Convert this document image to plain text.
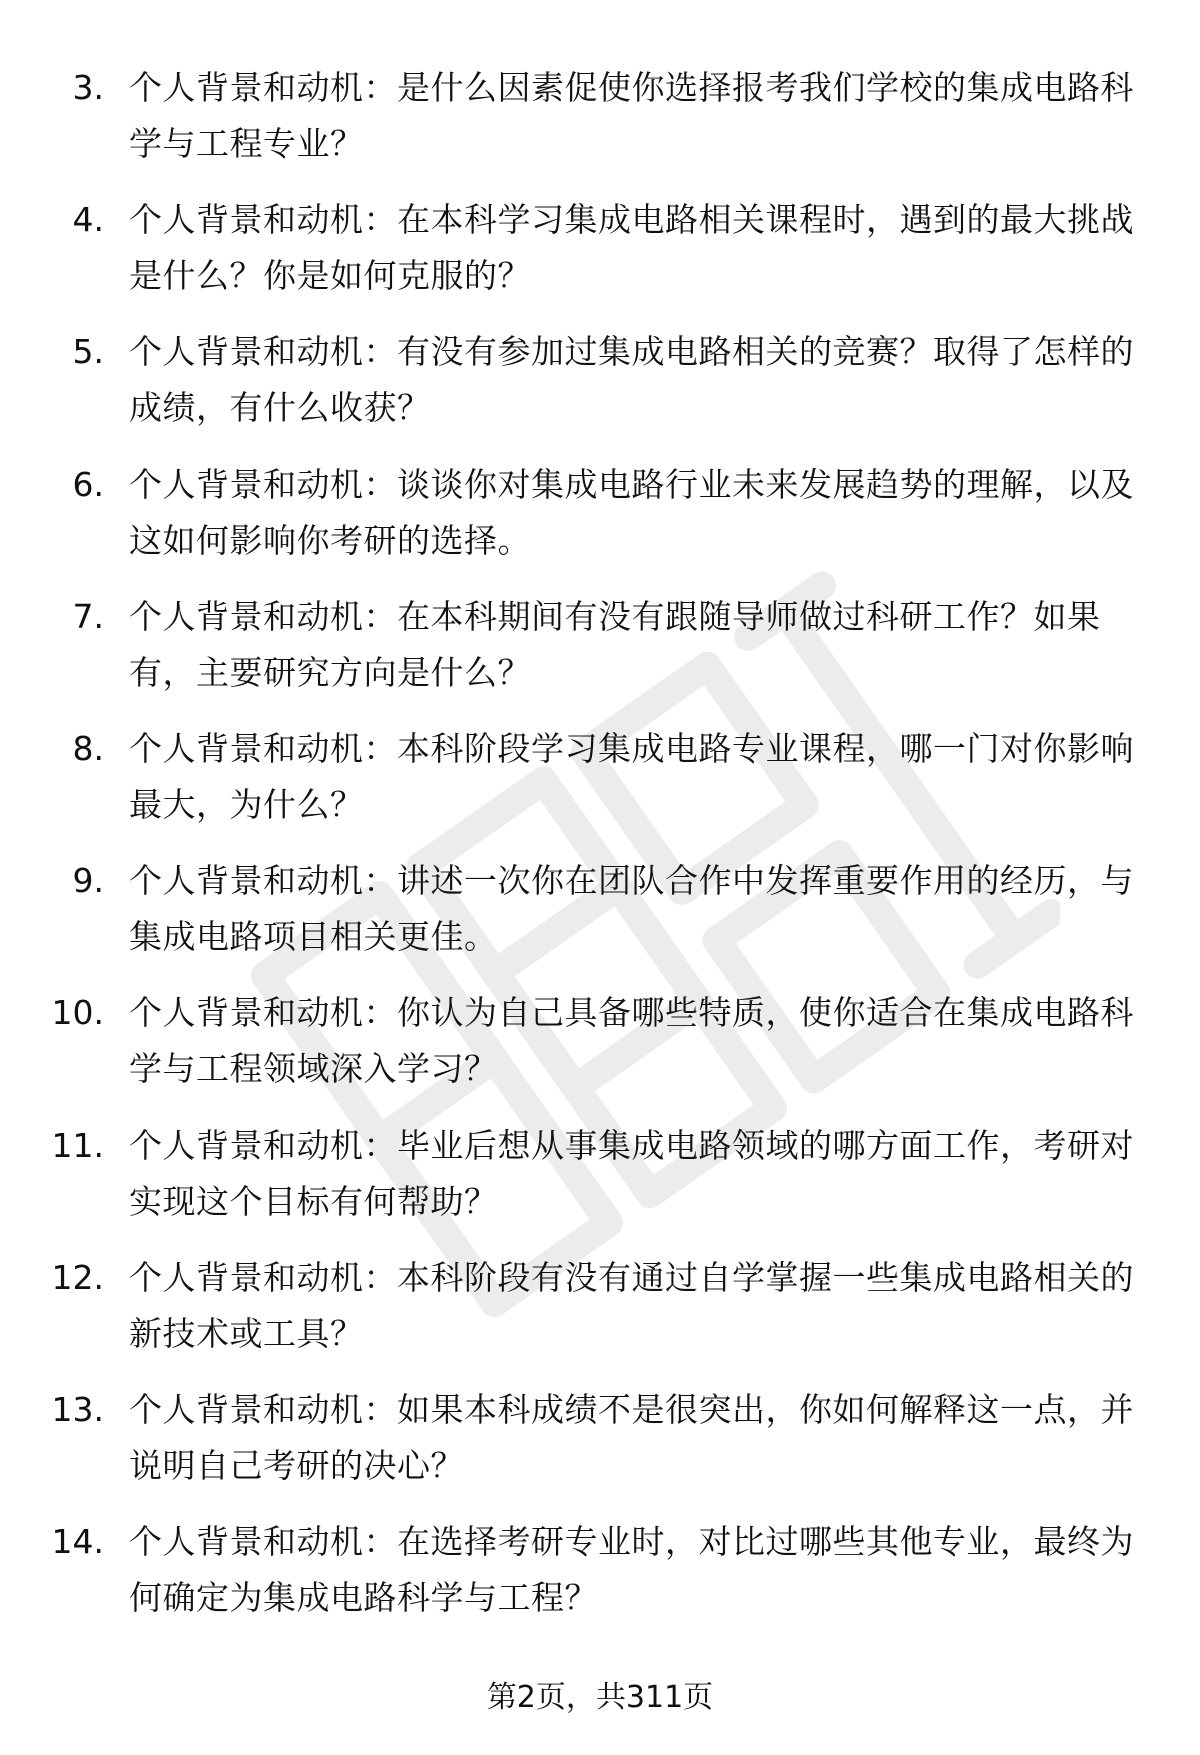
3. 个人背景和动机：是什么因素促使你选择报考我们学校的集成电路科学与工程专业？
4. 个人背景和动机：在本科学习集成电路相关课程时，遇到的最大挑战是什么？你是如何克服的？
5. 个人背景和动机：有没有参加过集成电路相关的竞赛？取得了怎样的成绩，有什么收获？
6. 个人背景和动机：谈谈你对集成电路行业未来发展趋势的理解，以及这如何影响你考研的选择。
7. 个人背景和动机：在本科期间有没有跟随导师做过科研工作？如果有，主要研究方向是什么？
8. 个人背景和动机：本科阶段学习集成电路专业课程，哪一门对你影响最大，为什么？
9. 个人背景和动机：讲述一次你在团队合作中发挥重要作用的经历，与集成电路项目相关更佳。
10. 个人背景和动机：你认为自己具备哪些特质，使你适合在集成电路科学与工程领域深入学习？
11. 个人背景和动机：毕业后想从事集成电路领域的哪方面工作，考研对实现这个目标有何帮助？
12. 个人背景和动机：本科阶段有没有通过自学掌握一些集成电路相关的新技术或工具？
13. 个人背景和动机：如果本科成绩不是很突出，你如何解释这一点，并说明自己考研的决心？
14. 个人背景和动机：在选择考研专业时，对比过哪些其他专业，最终为何确定为集成电路科学与工程？
第2页，共311页
